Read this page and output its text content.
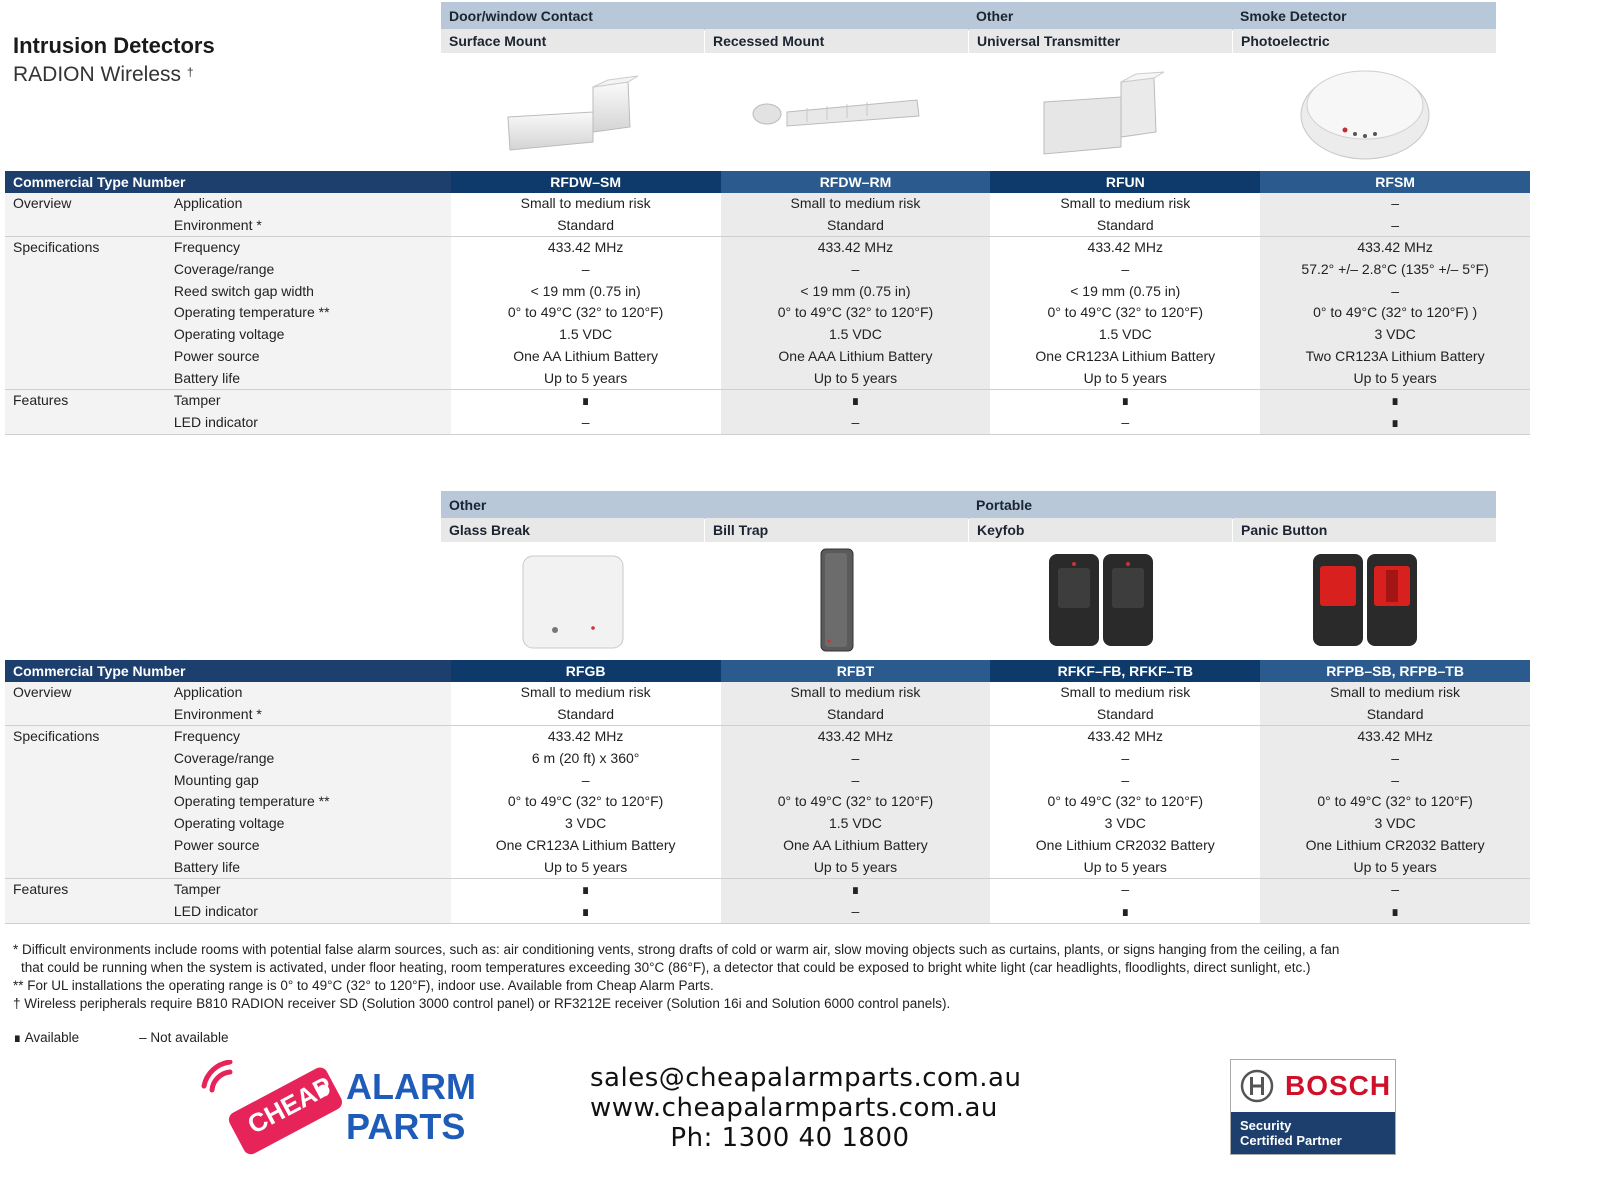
Intrusion Detectors
RADION Wireless †
Door/window Contact	Other	Smoke Detector
Surface Mount	Recessed Mount	Universal Transmitter	Photoelectric
Commercial Type Number	RFDW–SM	RFDW–RM	RFUN	RFSM
Overview	Application	Small to medium risk	Small to medium risk	Small to medium risk	–
Environment *	Standard	Standard	Standard	–
Specifications	Frequency	433.42 MHz	433.42 MHz	433.42 MHz	433.42 MHz
Coverage/range	–	–	–	57.2° +/– 2.8°C (135° +/– 5°F)
Reed switch gap width	< 19 mm (0.75 in)	< 19 mm (0.75 in)	< 19 mm (0.75 in)	–
Operating temperature **	0° to 49°C (32° to 120°F)	0° to 49°C (32° to 120°F)	0° to 49°C (32° to 120°F)	0° to 49°C (32° to 120°F) )
Operating voltage	1.5 VDC	1.5 VDC	1.5 VDC	3 VDC
Power source	One AA Lithium Battery	One AAA Lithium Battery	One CR123A Lithium Battery	Two CR123A Lithium Battery
Battery life	Up to 5 years	Up to 5 years	Up to 5 years	Up to 5 years
Features	Tamper	∎	∎	∎	∎
LED indicator	–	–	–	∎
Other	Portable
Glass Break	Bill Trap	Keyfob	Panic Button
Commercial Type Number	RFGB	RFBT	RFKF–FB, RFKF–TB	RFPB–SB, RFPB–TB
Overview	Application	Small to medium risk	Small to medium risk	Small to medium risk	Small to medium risk
Environment *	Standard	Standard	Standard	Standard
Specifications	Frequency	433.42 MHz	433.42 MHz	433.42 MHz	433.42 MHz
Coverage/range	6 m (20 ft) x 360°	–	–	–
Mounting gap	–	–	–	–
Operating temperature **	0° to 49°C (32° to 120°F)	0° to 49°C (32° to 120°F)	0° to 49°C (32° to 120°F)	0° to 49°C (32° to 120°F)
Operating voltage	3 VDC	1.5 VDC	3 VDC	3 VDC
Power source	One CR123A Lithium Battery	One AA Lithium Battery	One Lithium CR2032 Battery	One Lithium CR2032 Battery
Battery life	Up to 5 years	Up to 5 years	Up to 5 years	Up to 5 years
Features	Tamper	∎	∎	–	–
LED indicator	∎	–	∎	∎

* Difficult environments include rooms with potential false alarm sources, such as: air conditioning vents, strong drafts of cold or warm air, slow moving objects such as curtains, plants, or signs hanging from the ceiling, a fan

that could be running when the system is activated, under floor heating, room temperatures exceeding 30°C (86°F), a detector that could be exposed to bright white light (car headlights, floodlights, direct sunlight, etc.)

** For UL installations the operating range is 0° to 49°C (32° to 120°F), indoor use. Available from Cheap Alarm Parts.

† Wireless peripherals require B810 RADION receiver SD (Solution 3000 control panel) or RF3212E receiver (Solution 16i and Solution 6000 control panels).

∎ Available	– Not available
CHEAP ALARM
PARTS
sales@cheapalarmparts.com.au
www.cheapalarmparts.com.au
Ph: 1300 40 1800
BOSCH
Security
Certified Partner
